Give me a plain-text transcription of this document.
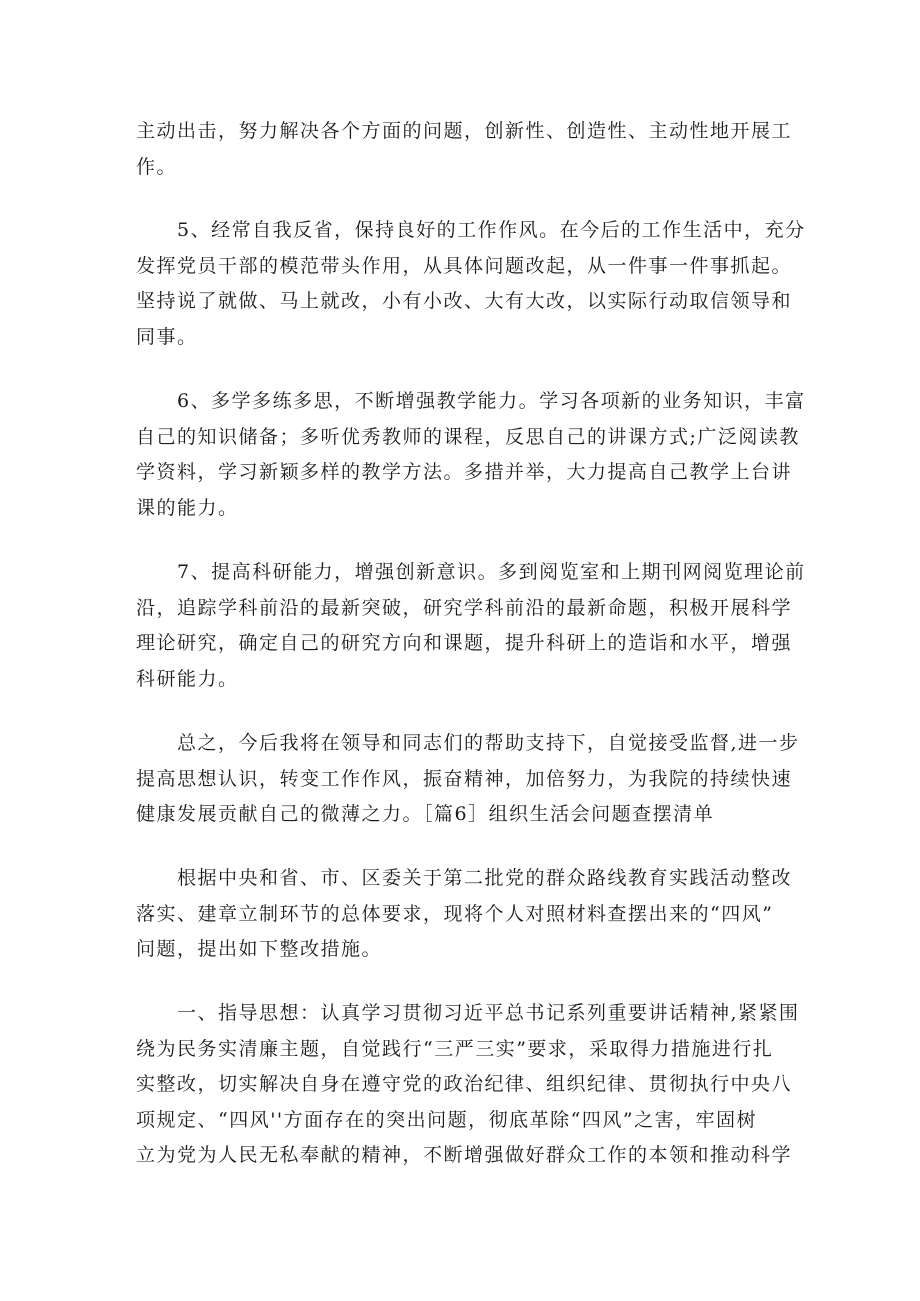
主动出击，努力解决各个方面的问题，创新性、创造性、主动性地开展工
作。

　　5、经常自我反省，保持良好的工作作风。在今后的工作生活中，充分
发挥党员干部的模范带头作用，从具体问题改起，从一件事一件事抓起。
坚持说了就做、马上就改，小有小改、大有大改，以实际行动取信领导和
同事。

　　6、多学多练多思，不断增强教学能力。学习各项新的业务知识，丰富
自己的知识储备；多听优秀教师的课程，反思自己的讲课方式;广泛阅读教
学资料，学习新颖多样的教学方法。多措并举，大力提高自己教学上台讲
课的能力。

　　7、提高科研能力，增强创新意识。多到阅览室和上期刊网阅览理论前
沿，追踪学科前沿的最新突破，研究学科前沿的最新命题，积极开展科学
理论研究，确定自己的研究方向和课题，提升科研上的造诣和水平，增强
科研能力。

　　总之，今后我将在领导和同志们的帮助支持下，自觉接受监督,进一步
提高思想认识，转变工作作风，振奋精神，加倍努力，为我院的持续快速
健康发展贡献自己的微薄之力。［篇6］组织生活会问题查摆清单

　　根据中央和省、市、区委关于第二批党的群众路线教育实践活动整改
落实、建章立制环节的总体要求，现将个人对照材料查摆出来的“四风”
问题，提出如下整改措施。

　　一、指导思想：认真学习贯彻习近平总书记系列重要讲话精神,紧紧围
绕为民务实清廉主题，自觉践行“三严三实”要求，采取得力措施进行扎
实整改，切实解决自身在遵守党的政治纪律、组织纪律、贯彻执行中央八
项规定、“四风''方面存在的突出问题，彻底革除“四风”之害，牢固树
立为党为人民无私奉献的精神，不断增强做好群众工作的本领和推动科学
